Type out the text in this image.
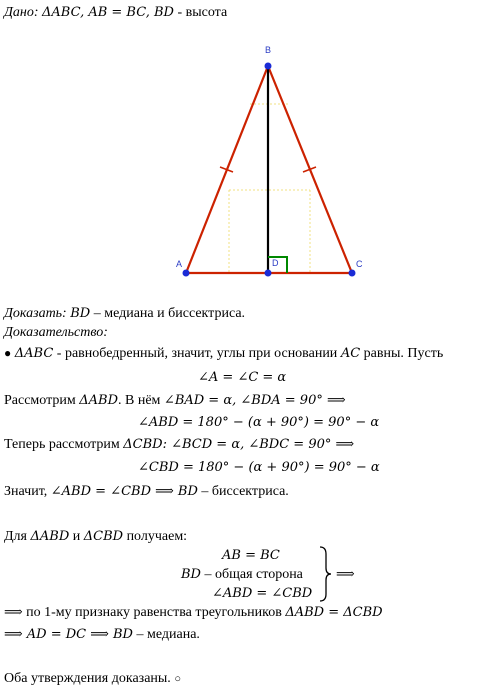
Дано: ΔABC, AB = BC, BD - высота
A
B
C
D
Доказать: BD – медиана и биссектриса.
Доказательство:
● ΔABC - равнобедренный, значит, углы при основании AC равны. Пусть
∠A = ∠C = α
Рассмотрим ΔABD. В нём ∠BAD = α, ∠BDA = 90° ⟹
∠ABD = 180° − (α + 90°) = 90° − α
Теперь рассмотрим ΔCBD: ∠BCD = α, ∠BDC = 90° ⟹
∠CBD = 180° − (α + 90°) = 90° − α
Значит, ∠ABD = ∠CBD ⟹ BD – биссектриса.
Для ΔABD и ΔCBD получаем:
AB = BC
BD – общая сторона
∠ABD = ∠CBD
⟹
⟹ по 1-му признаку равенства треугольников ΔABD = ΔCBD
⟹ AD = DC ⟹ BD – медиана.
Оба утверждения доказаны. ○
